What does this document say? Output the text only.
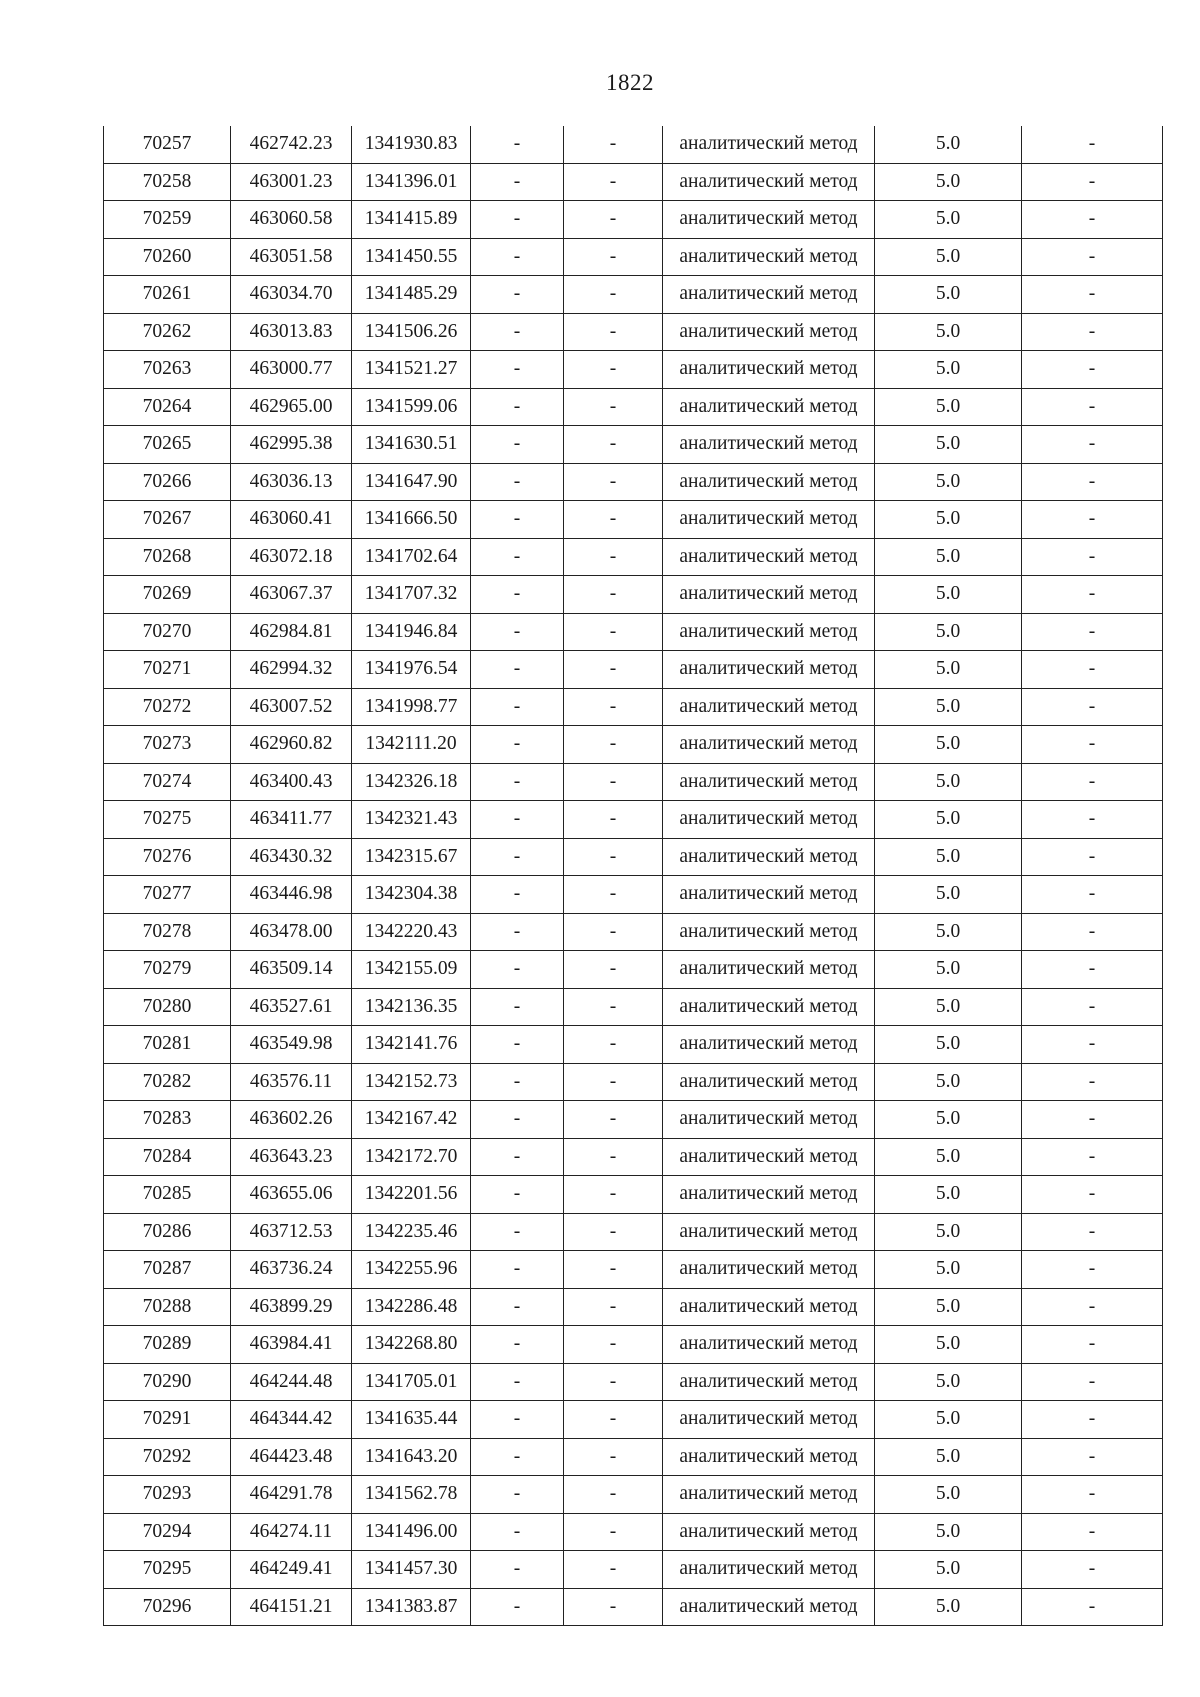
1822
70257	462742.23	1341930.83	-	-	аналитический метод	5.0	-
70258	463001.23	1341396.01	-	-	аналитический метод	5.0	-
70259	463060.58	1341415.89	-	-	аналитический метод	5.0	-
70260	463051.58	1341450.55	-	-	аналитический метод	5.0	-
70261	463034.70	1341485.29	-	-	аналитический метод	5.0	-
70262	463013.83	1341506.26	-	-	аналитический метод	5.0	-
70263	463000.77	1341521.27	-	-	аналитический метод	5.0	-
70264	462965.00	1341599.06	-	-	аналитический метод	5.0	-
70265	462995.38	1341630.51	-	-	аналитический метод	5.0	-
70266	463036.13	1341647.90	-	-	аналитический метод	5.0	-
70267	463060.41	1341666.50	-	-	аналитический метод	5.0	-
70268	463072.18	1341702.64	-	-	аналитический метод	5.0	-
70269	463067.37	1341707.32	-	-	аналитический метод	5.0	-
70270	462984.81	1341946.84	-	-	аналитический метод	5.0	-
70271	462994.32	1341976.54	-	-	аналитический метод	5.0	-
70272	463007.52	1341998.77	-	-	аналитический метод	5.0	-
70273	462960.82	1342111.20	-	-	аналитический метод	5.0	-
70274	463400.43	1342326.18	-	-	аналитический метод	5.0	-
70275	463411.77	1342321.43	-	-	аналитический метод	5.0	-
70276	463430.32	1342315.67	-	-	аналитический метод	5.0	-
70277	463446.98	1342304.38	-	-	аналитический метод	5.0	-
70278	463478.00	1342220.43	-	-	аналитический метод	5.0	-
70279	463509.14	1342155.09	-	-	аналитический метод	5.0	-
70280	463527.61	1342136.35	-	-	аналитический метод	5.0	-
70281	463549.98	1342141.76	-	-	аналитический метод	5.0	-
70282	463576.11	1342152.73	-	-	аналитический метод	5.0	-
70283	463602.26	1342167.42	-	-	аналитический метод	5.0	-
70284	463643.23	1342172.70	-	-	аналитический метод	5.0	-
70285	463655.06	1342201.56	-	-	аналитический метод	5.0	-
70286	463712.53	1342235.46	-	-	аналитический метод	5.0	-
70287	463736.24	1342255.96	-	-	аналитический метод	5.0	-
70288	463899.29	1342286.48	-	-	аналитический метод	5.0	-
70289	463984.41	1342268.80	-	-	аналитический метод	5.0	-
70290	464244.48	1341705.01	-	-	аналитический метод	5.0	-
70291	464344.42	1341635.44	-	-	аналитический метод	5.0	-
70292	464423.48	1341643.20	-	-	аналитический метод	5.0	-
70293	464291.78	1341562.78	-	-	аналитический метод	5.0	-
70294	464274.11	1341496.00	-	-	аналитический метод	5.0	-
70295	464249.41	1341457.30	-	-	аналитический метод	5.0	-
70296	464151.21	1341383.87	-	-	аналитический метод	5.0	-
